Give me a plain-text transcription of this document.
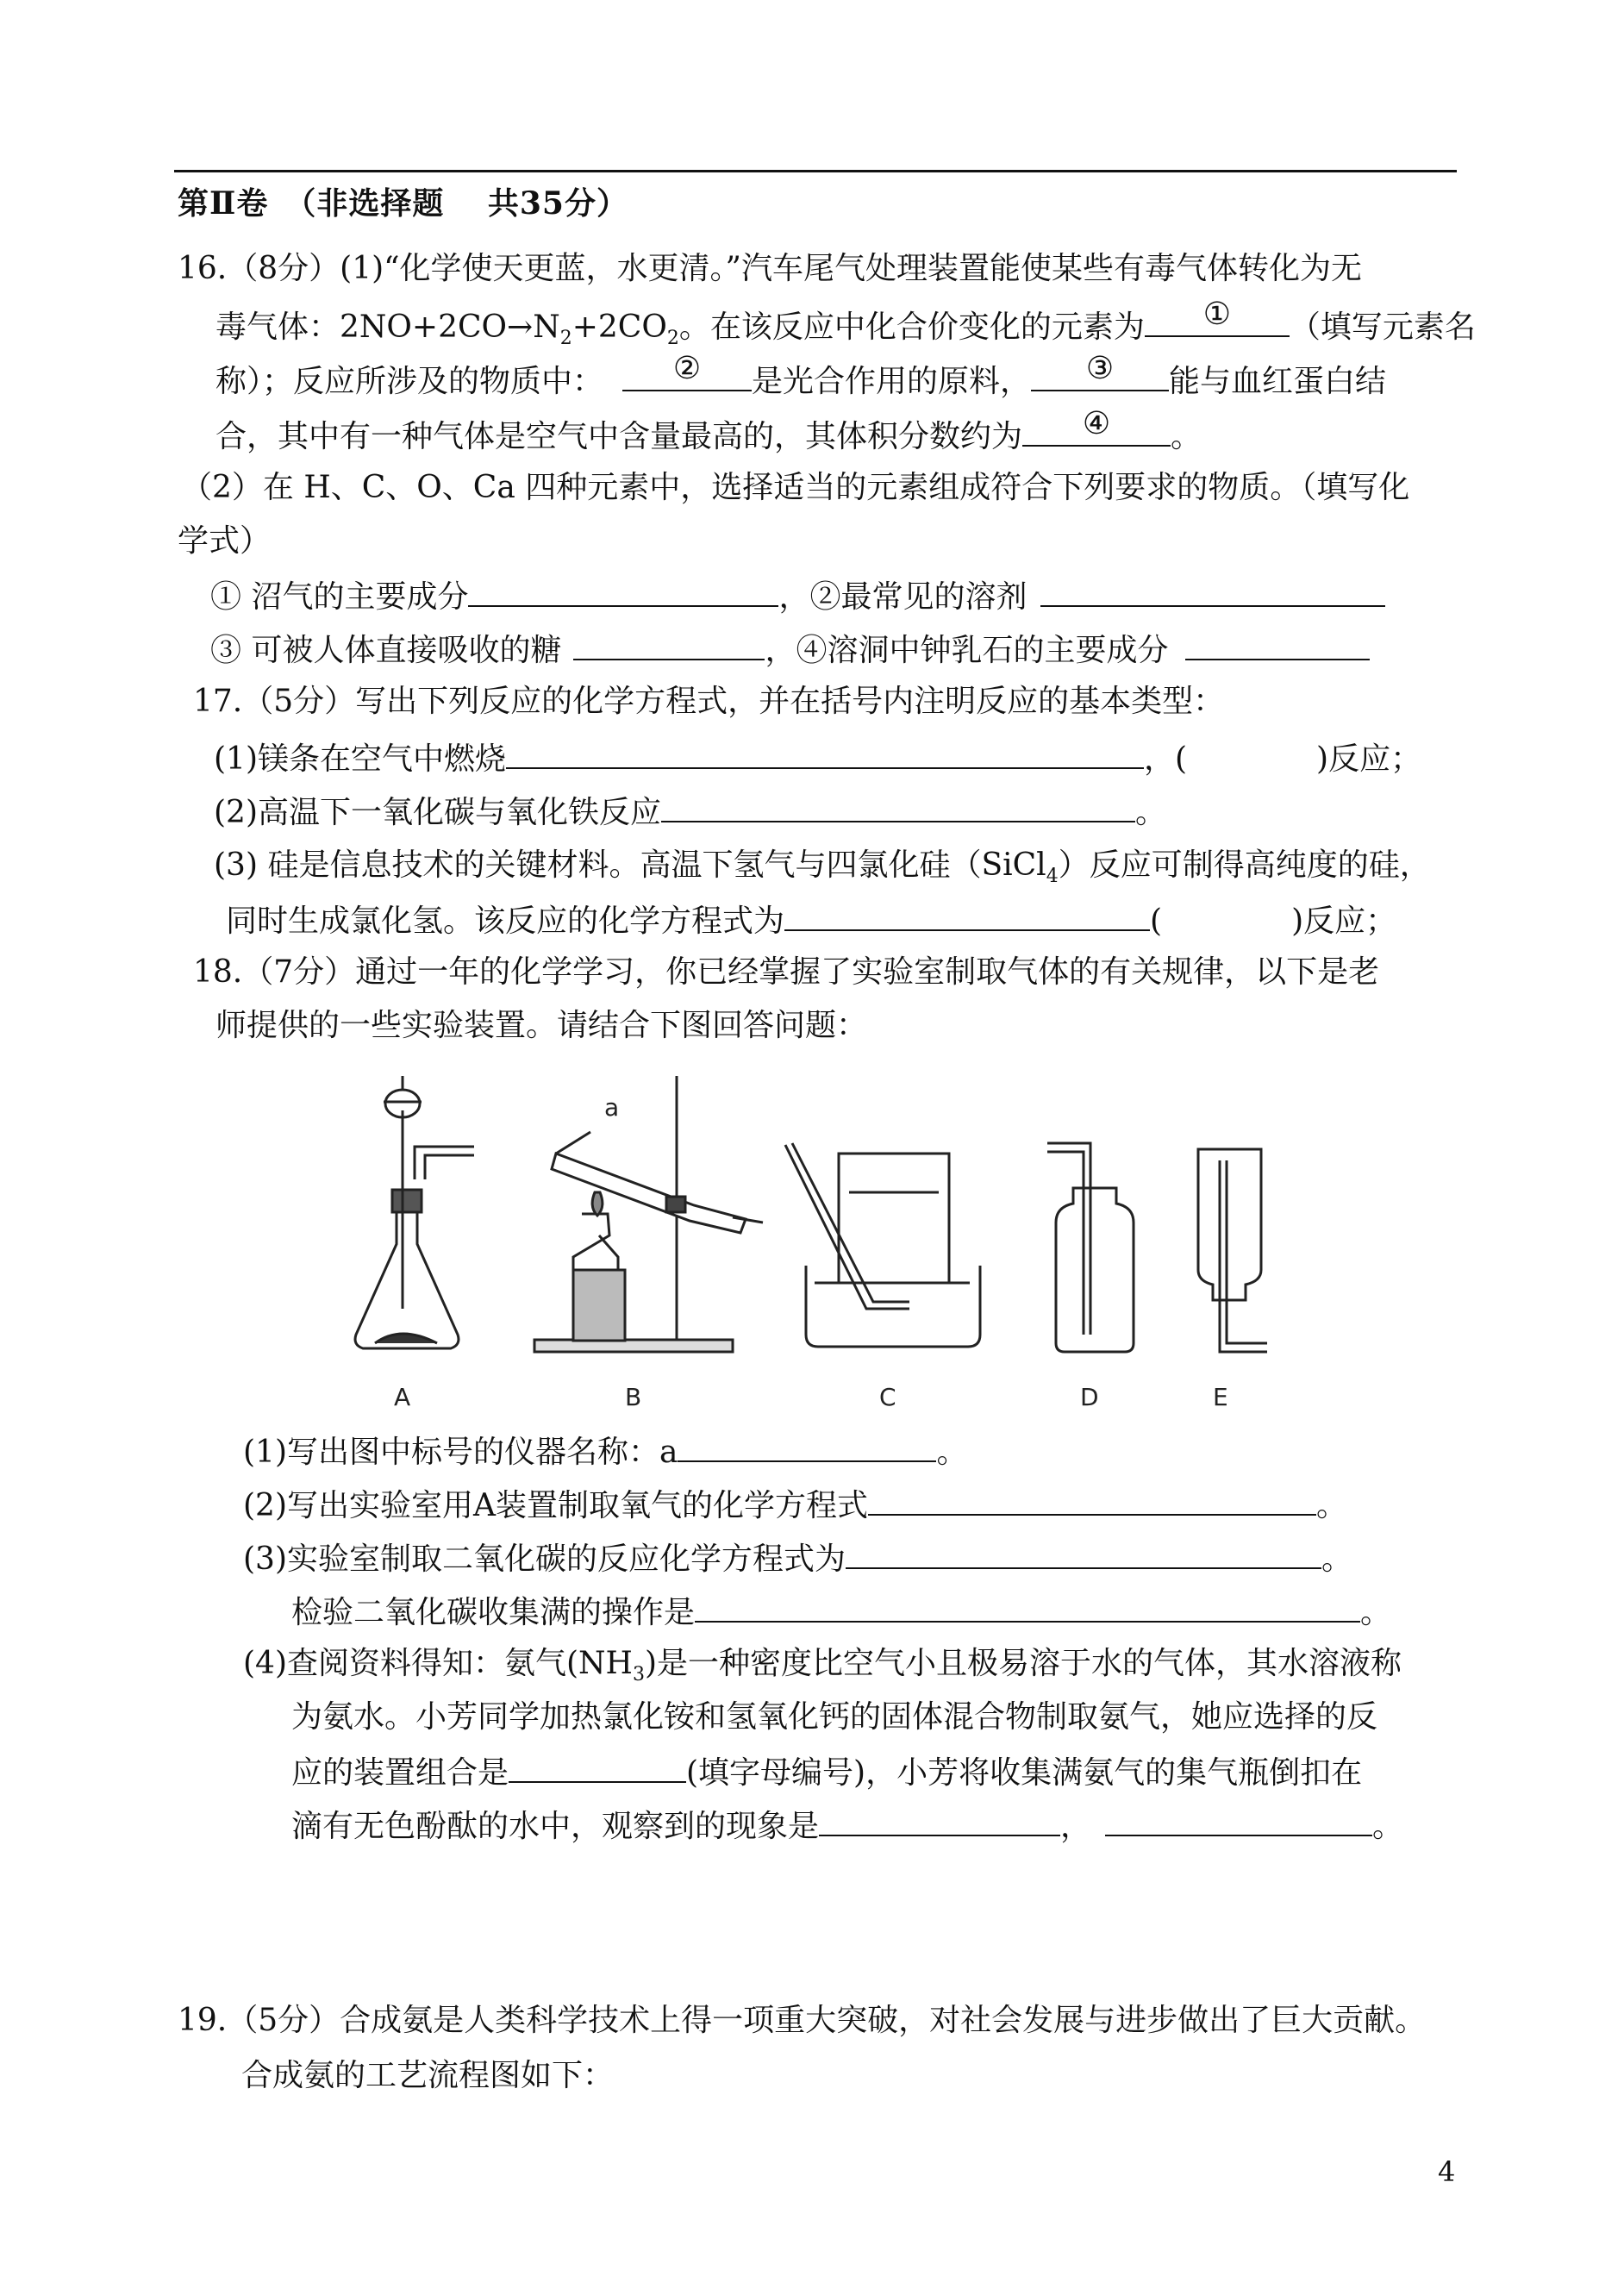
第Ⅱ卷　（非选择题　 共35分）
16.（8分）(1)“化学使天更蓝，水更清。”汽车尾气处理装置能使某些有毒气体转化为无
毒气体：$2NO+2CO\to N_2+2CO_2$。在该反应中化合价变化的元素为	①	（填写元素名
称）；反应所涉及的物质中：	②	是光合作用的原料，	③	能与血红蛋白结
合，其中有一种气体是空气中含量最高的，其体积分数约为	④	。
（2）在 H、C、O、Ca 四种元素中，选择适当的元素组成符合下列要求的物质。（填写化
学式）
① 沼气的主要成分	，②最常见的溶剂
③ 可被人体直接吸收的糖	，④溶洞中钟乳石的主要成分
17.（5分）写出下列反应的化学方程式，并在括号内注明反应的基本类型：
(1)镁条在空气中燃烧	，(	)反应；
(2)高温下一氧化碳与氧化铁反应	。
(3) 硅是信息技术的关键材料。高温下氢气与四氯化硅（SiCl$_4$）反应可制得高纯度的硅，
同时生成氯化氢。该反应的化学方程式为	(	)反应；
18.（7分）通过一年的化学学习，你已经掌握了实验室制取气体的有关规律，以下是老
师提供的一些实验装置。请结合下图回答问题：
A
a
B	C	D	E
(1)写出图中标号的仪器名称：a	。
(2)写出实验室用A装置制取氧气的化学方程式	。
(3)实验室制取二氧化碳的反应化学方程式为	。
检验二氧化碳收集满的操作是	。
(4)查阅资料得知：氨气$(NH_3)$是一种密度比空气小且极易溶于水的气体，其水溶液称
为氨水。小芳同学加热氯化铵和氢氧化钙的固体混合物制取氨气，她应选择的反
应的装置组合是	(填字母编号)，小芳将收集满氨气的集气瓶倒扣在
滴有无色酚酞的水中，观察到的现象是	，	。
19.（5分）合成氨是人类科学技术上得一项重大突破，对社会发展与进步做出了巨大贡献。
合成氨的工艺流程图如下：
4
